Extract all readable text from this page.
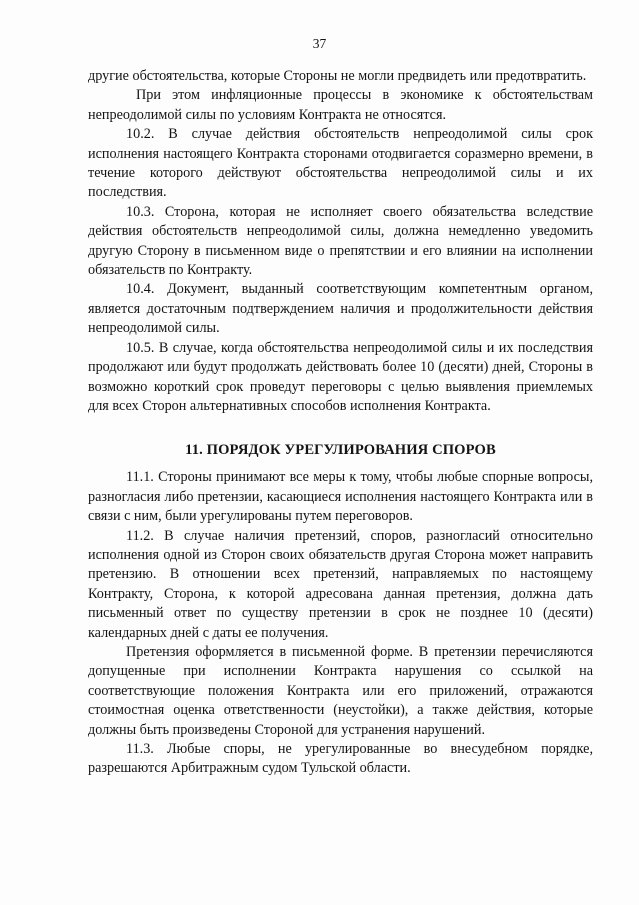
37

другие обстоятельства, которые Стороны не могли предвидеть или предотвратить.

При этом инфляционные процессы в экономике к обстоятельствам непреодолимой силы по условиям Контракта не относятся.

10.2. В случае действия обстоятельств непреодолимой силы срок исполнения настоящего Контракта сторонами отодвигается соразмерно времени, в течение которого действуют обстоятельства непреодолимой силы и их последствия.

10.3. Сторона, которая не исполняет своего обязательства вследствие действия обстоятельств непреодолимой силы, должна немедленно уведомить другую Сторону в письменном виде о препятствии и его влиянии на исполнении обязательств по Контракту.

10.4. Документ, выданный соответствующим компетентным органом, является достаточным подтверждением наличия и продолжительности действия непреодолимой силы.

10.5. В случае, когда обстоятельства непреодолимой силы и их последствия продолжают или будут продолжать действовать более 10 (десяти) дней, Стороны в возможно короткий срок проведут переговоры с целью выявления приемлемых для всех Сторон альтернативных способов исполнения Контракта.

11. ПОРЯДОК УРЕГУЛИРОВАНИЯ СПОРОВ

11.1. Стороны принимают все меры к тому, чтобы любые спорные вопросы, разногласия либо претензии, касающиеся исполнения настоящего Контракта или в связи с ним, были урегулированы путем переговоров.

11.2. В случае наличия претензий, споров, разногласий относительно исполнения одной из Сторон своих обязательств другая Сторона может направить претензию. В отношении всех претензий, направляемых по настоящему Контракту, Сторона, к которой адресована данная претензия, должна дать письменный ответ по существу претензии в срок не позднее 10 (десяти) календарных дней с даты ее получения.

Претензия оформляется в письменной форме. В претензии перечисляются допущенные при исполнении Контракта нарушения со ссылкой на соответствующие положения Контракта или его приложений, отражаются стоимостная оценка ответственности (неустойки), а также действия, которые должны быть произведены Стороной для устранения нарушений.

11.3. Любые споры, не урегулированные во внесудебном порядке, разрешаются Арбитражным судом Тульской области.
